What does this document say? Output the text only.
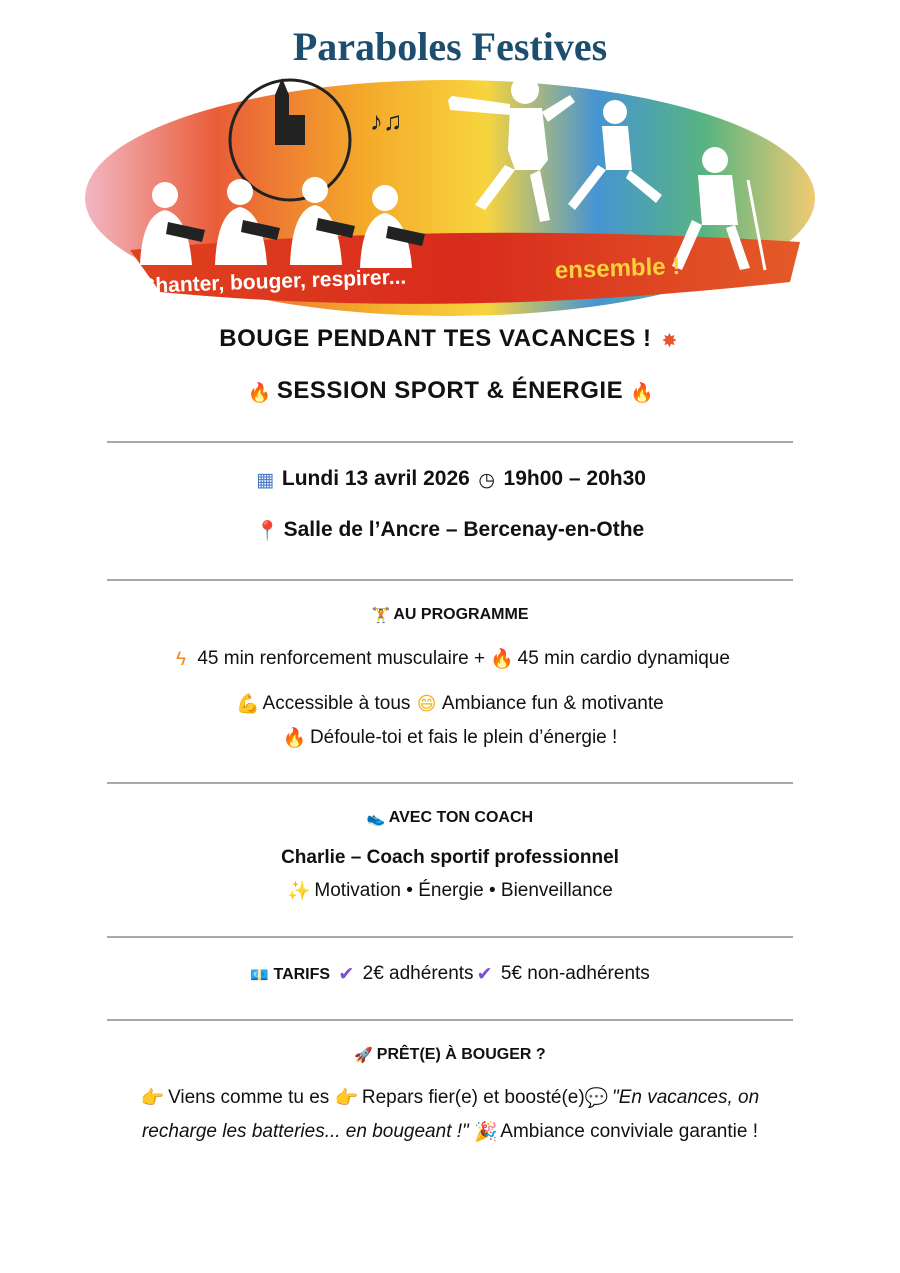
Paraboles Festives
♪♫
Chanter, bouger, respirer...	ensemble !
BOUGE PENDANT TES VACANCES ! ✸
🔥 SESSION SPORT & ÉNERGIE 🔥
▦ Lundi 13 avril 2026 ◷ 19h00 – 20h30
📍 Salle de l’Ancre – Bercenay-en-Othe
🏋 AU PROGRAMME
ϟ 45 min renforcement musculaire + 🔥 45 min cardio dynamique
💪 Accessible à tous 😄 Ambiance fun & motivante
🔥 Défoule-toi et fais le plein d’énergie !
👟 AVEC TON COACH
Charlie – Coach sportif professionnel
✨ Motivation • Énergie • Bienveillance
💶 TARIFS ✔ 2€ adhérents ✔ 5€ non-adhérents
🚀 PRÊT(E) À BOUGER ?
👉 Viens comme tu es 👉 Repars fier(e) et boosté(e)💬 "En vacances, on
recharge les batteries... en bougeant !" 🎉 Ambiance conviviale garantie !
